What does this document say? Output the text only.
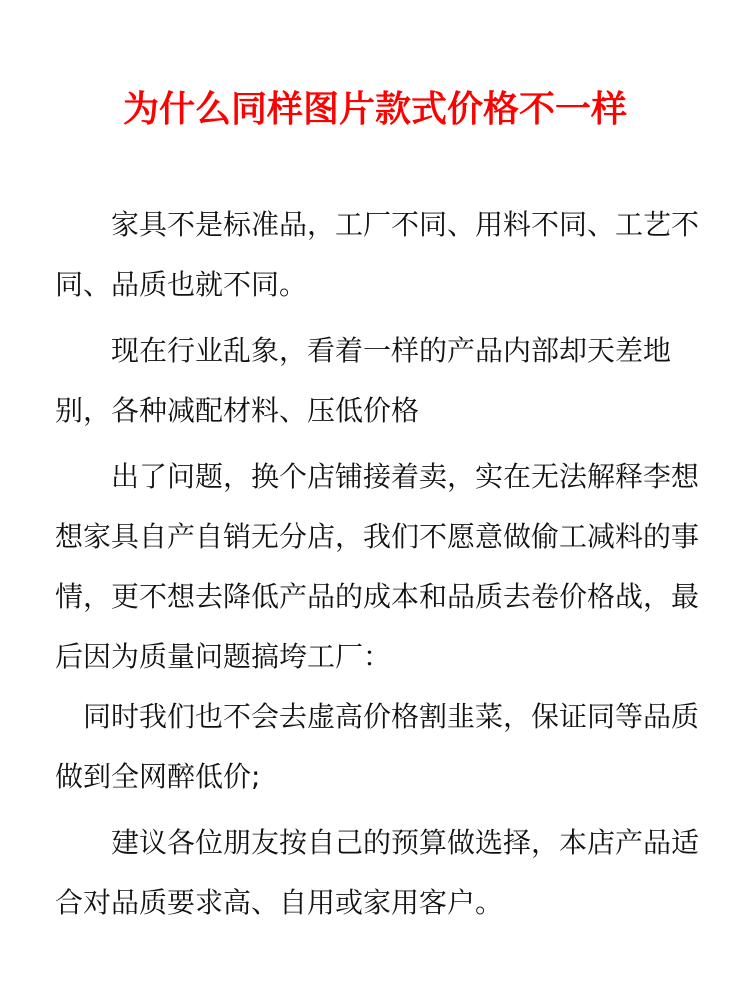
为什么同样图片款式价格不一样

家具不是标准品，工厂不同、用料不同、工艺不同、品质也就不同。

现在行业乱象，看着一样的产品内部却天差地别，各种减配材料、压低价格

出了问题，换个店铺接着卖，实在无法解释李想想家具自产自销无分店，我们不愿意做偷工减料的事情，更不想去降低产品的成本和品质去卷价格战，最后因为质量问题搞垮工厂：

同时我们也不会去虚高价格割韭菜，保证同等品质做到全网醉低价;

建议各位朋友按自己的预算做选择，本店产品适合对品质要求高、自用或家用客户。
